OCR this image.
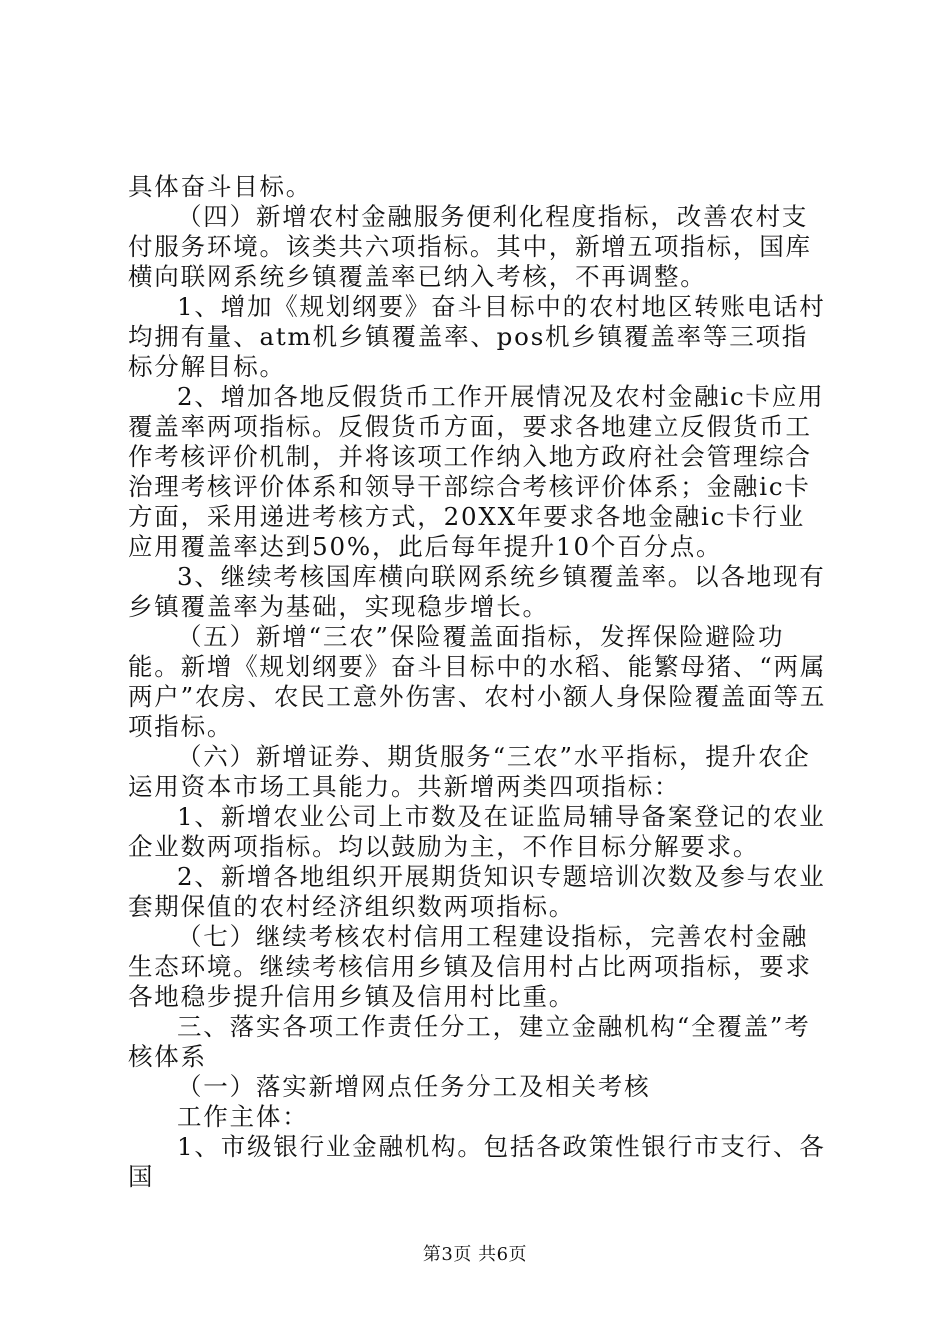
具体奋斗目标。

（四）新增农村金融服务便利化程度指标，改善农村支付服务环境。该类共六项指标。其中，新增五项指标，国库横向联网系统乡镇覆盖率已纳入考核，不再调整。

1、增加《规划纲要》奋斗目标中的农村地区转账电话村均拥有量、atm机乡镇覆盖率、pos机乡镇覆盖率等三项指标分解目标。

2、增加各地反假货币工作开展情况及农村金融ic卡应用覆盖率两项指标。反假货币方面，要求各地建立反假货币工作考核评价机制，并将该项工作纳入地方政府社会管理综合治理考核评价体系和领导干部综合考核评价体系；金融ic卡方面，采用递进考核方式，20XX年要求各地金融ic卡行业应用覆盖率达到50%，此后每年提升10个百分点。

3、继续考核国库横向联网系统乡镇覆盖率。以各地现有乡镇覆盖率为基础，实现稳步增长。

（五）新增“三农”保险覆盖面指标，发挥保险避险功能。新增《规划纲要》奋斗目标中的水稻、能繁母猪、“两属两户”农房、农民工意外伤害、农村小额人身保险覆盖面等五项指标。

（六）新增证券、期货服务“三农”水平指标，提升农企运用资本市场工具能力。共新增两类四项指标：

1、新增农业公司上市数及在证监局辅导备案登记的农业企业数两项指标。均以鼓励为主，不作目标分解要求。

2、新增各地组织开展期货知识专题培训次数及参与农业套期保值的农村经济组织数两项指标。

（七）继续考核农村信用工程建设指标，完善农村金融生态环境。继续考核信用乡镇及信用村占比两项指标，要求各地稳步提升信用乡镇及信用村比重。

三、落实各项工作责任分工，建立金融机构“全覆盖”考核体系

（一）落实新增网点任务分工及相关考核

工作主体：

1、市级银行业金融机构。包括各政策性银行市支行、各国

第3页 共6页
